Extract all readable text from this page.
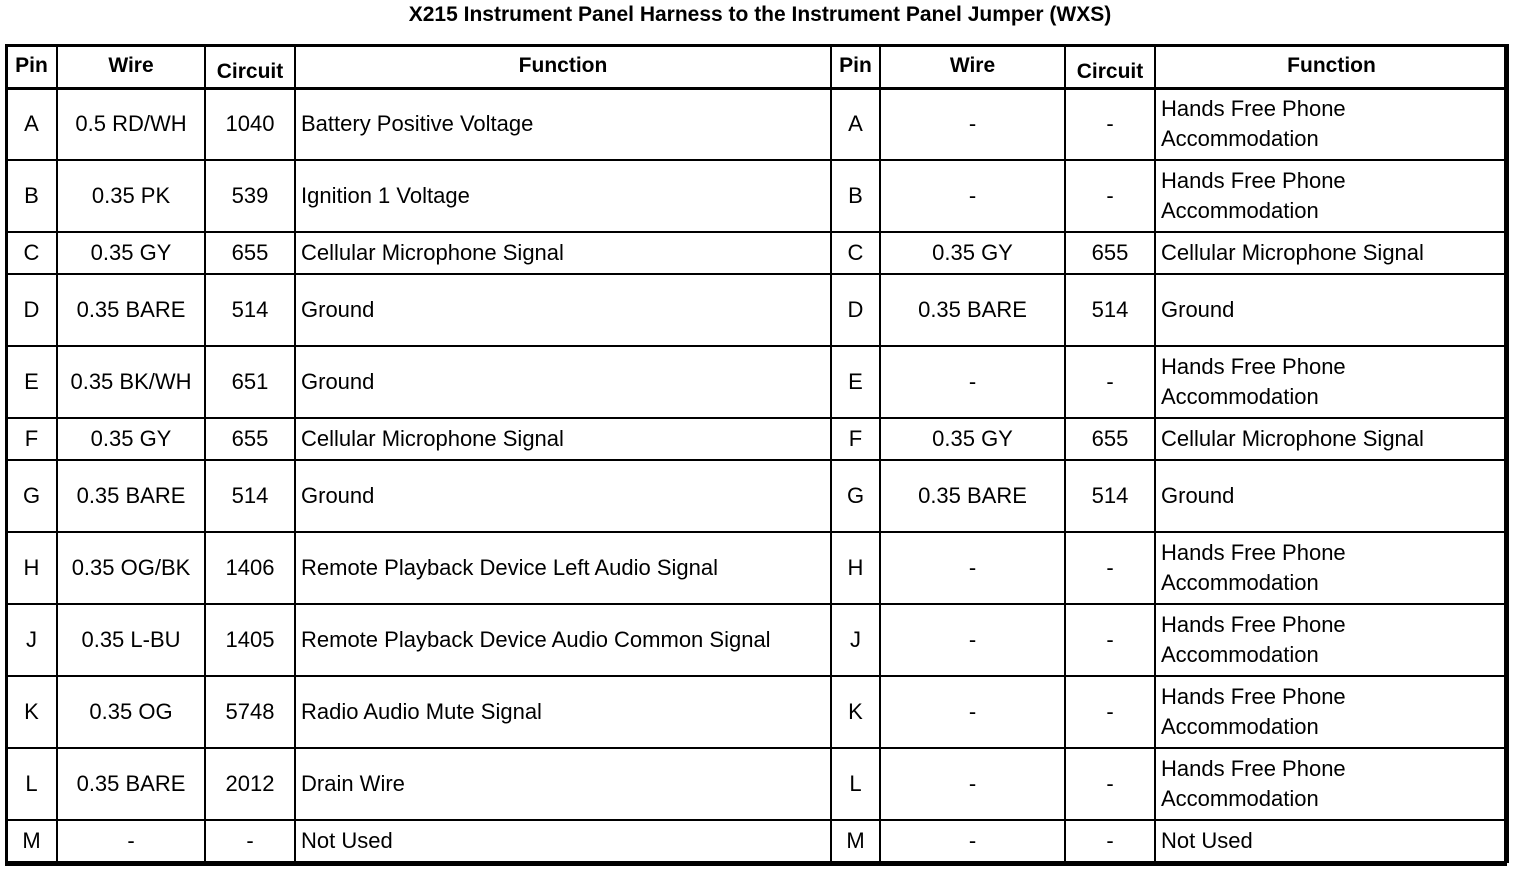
X215 Instrument Panel Harness to the Instrument Panel Jumper (WXS)
Pin	Wire	Circuit	Function	Pin	Wire	Circuit	Function
A	0.5 RD/WH	1040	Battery Positive Voltage	A	-	-	Hands Free Phone Accommodation
B	0.35 PK	539	Ignition 1 Voltage	B	-	-	Hands Free Phone Accommodation
C	0.35 GY	655	Cellular Microphone Signal	C	0.35 GY	655	Cellular Microphone Signal
D	0.35 BARE	514	Ground	D	0.35 BARE	514	Ground
E	0.35 BK/WH	651	Ground	E	-	-	Hands Free Phone Accommodation
F	0.35 GY	655	Cellular Microphone Signal	F	0.35 GY	655	Cellular Microphone Signal
G	0.35 BARE	514	Ground	G	0.35 BARE	514	Ground
H	0.35 OG/BK	1406	Remote Playback Device Left Audio Signal	H	-	-	Hands Free Phone Accommodation
J	0.35 L-BU	1405	Remote Playback Device Audio Common Signal	J	-	-	Hands Free Phone Accommodation
K	0.35 OG	5748	Radio Audio Mute Signal	K	-	-	Hands Free Phone Accommodation
L	0.35 BARE	2012	Drain Wire	L	-	-	Hands Free Phone Accommodation
M	-	-	Not Used	M	-	-	Not Used
